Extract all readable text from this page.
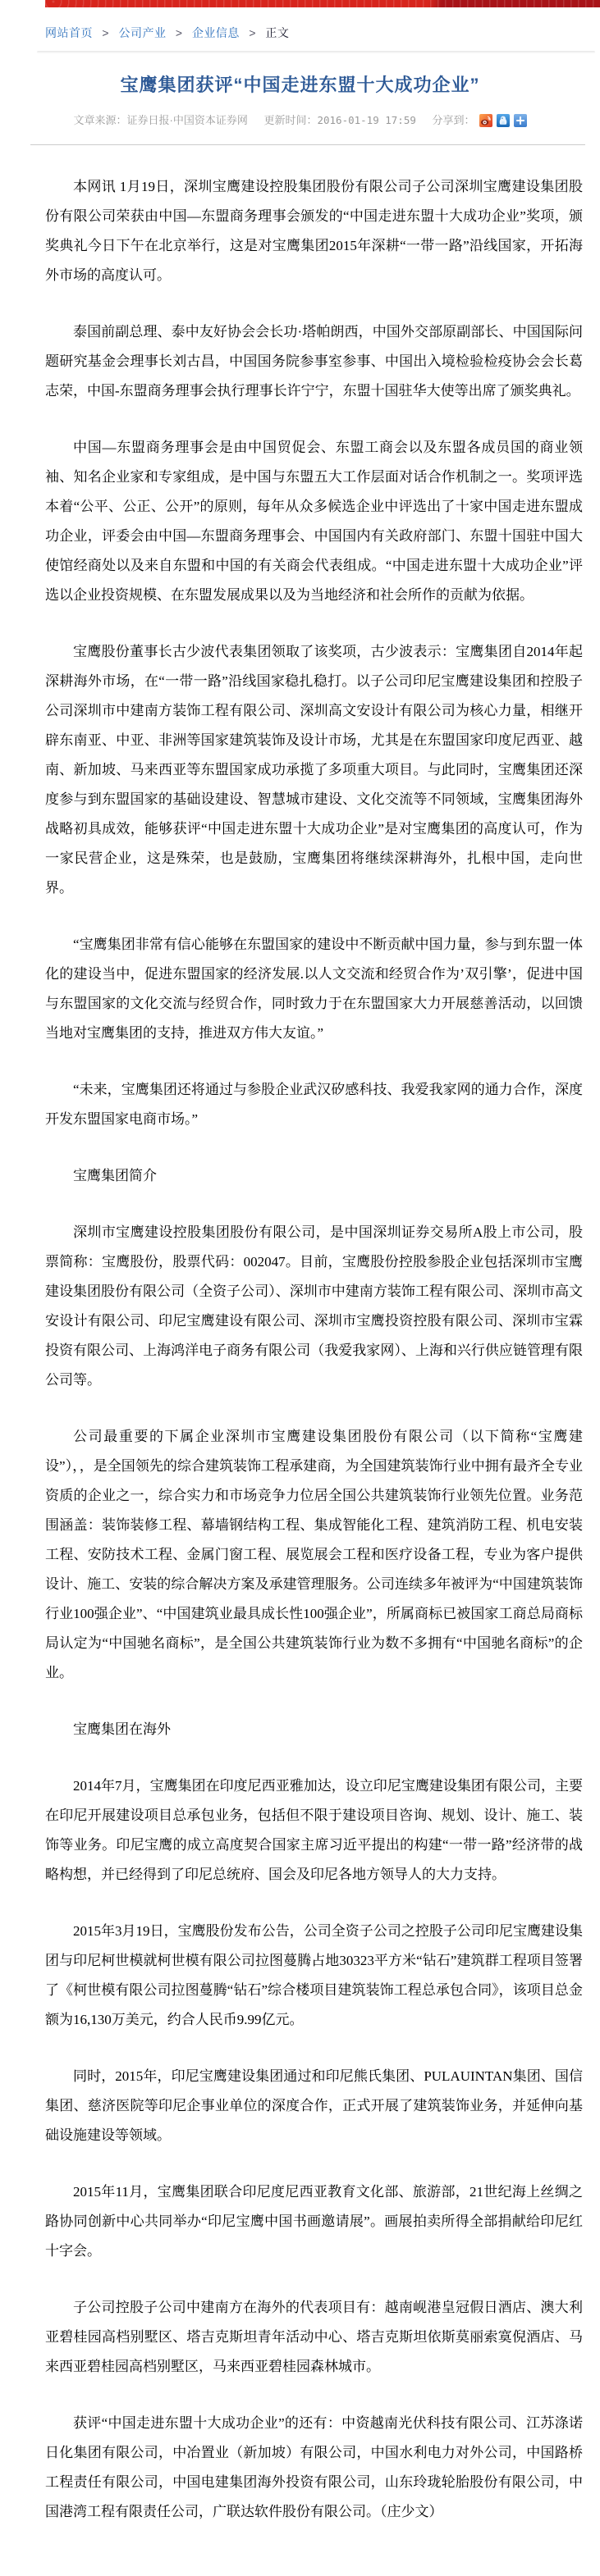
网站首页 > 公司产业 > 企业信息 > 正文
宝鹰集团获评“中国走进东盟十大成功企业”
文章来源：证券日报·中国资本证券网 更新时间：2016-01-19 17:59 分享到：

本网讯 1月19日，深圳宝鹰建设控股集团股份有限公司子公司深圳宝鹰建设集团股份有限公司荣获由中国—东盟商务理事会颁发的“中国走进东盟十大成功企业”奖项，颁奖典礼今日下午在北京举行，这是对宝鹰集团2015年深耕“一带一路”沿线国家，开拓海外市场的高度认可。

泰国前副总理、泰中友好协会会长功·塔帕朗西，中国外交部原副部长、中国国际问题研究基金会理事长刘古昌，中国国务院参事室参事、中国出入境检验检疫协会会长葛志荣，中国-东盟商务理事会执行理事长许宁宁，东盟十国驻华大使等出席了颁奖典礼。

中国—东盟商务理事会是由中国贸促会、东盟工商会以及东盟各成员国的商业领袖、知名企业家和专家组成，是中国与东盟五大工作层面对话合作机制之一。奖项评选本着“公平、公正、公开”的原则，每年从众多候选企业中评选出了十家中国走进东盟成功企业，评委会由中国—东盟商务理事会、中国国内有关政府部门、东盟十国驻中国大使馆经商处以及来自东盟和中国的有关商会代表组成。“中国走进东盟十大成功企业”评选以企业投资规模、在东盟发展成果以及为当地经济和社会所作的贡献为依据。

宝鹰股份董事长古少波代表集团领取了该奖项，古少波表示：宝鹰集团自2014年起深耕海外市场，在“一带一路”沿线国家稳扎稳打。以子公司印尼宝鹰建设集团和控股子公司深圳市中建南方装饰工程有限公司、深圳高文安设计有限公司为核心力量，相继开辟东南亚、中亚、非洲等国家建筑装饰及设计市场，尤其是在东盟国家印度尼西亚、越南、新加坡、马来西亚等东盟国家成功承揽了多项重大项目。与此同时，宝鹰集团还深度参与到东盟国家的基础设建设、智慧城市建设、文化交流等不同领域，宝鹰集团海外战略初具成效，能够获评“中国走进东盟十大成功企业”是对宝鹰集团的高度认可，作为一家民营企业，这是殊荣，也是鼓励，宝鹰集团将继续深耕海外，扎根中国，走向世界。

“宝鹰集团非常有信心能够在东盟国家的建设中不断贡献中国力量，参与到东盟一体化的建设当中，促进东盟国家的经济发展.以人文交流和经贸合作为’双引擎’，促进中国与东盟国家的文化交流与经贸合作，同时致力于在东盟国家大力开展慈善活动，以回馈当地对宝鹰集团的支持，推进双方伟大友谊。”

“未来，宝鹰集团还将通过与参股企业武汉矽感科技、我爱我家网的通力合作，深度开发东盟国家电商市场。”

宝鹰集团简介

深圳市宝鹰建设控股集团股份有限公司，是中国深圳证券交易所A股上市公司，股票简称：宝鹰股份，股票代码：002047。目前，宝鹰股份控股参股企业包括深圳市宝鹰建设集团股份有限公司（全资子公司）、深圳市中建南方装饰工程有限公司、深圳市高文安设计有限公司、印尼宝鹰建设有限公司、深圳市宝鹰投资控股有限公司、深圳市宝霖投资有限公司、上海鸿洋电子商务有限公司（我爱我家网）、上海和兴行供应链管理有限公司等。

公司最重要的下属企业深圳市宝鹰建设集团股份有限公司（以下简称“宝鹰建设”），，是全国领先的综合建筑装饰工程承建商，为全国建筑装饰行业中拥有最齐全专业资质的企业之一，综合实力和市场竞争力位居全国公共建筑装饰行业领先位置。业务范围涵盖：装饰装修工程、幕墙钢结构工程、集成智能化工程、建筑消防工程、机电安装工程、安防技术工程、金属门窗工程、展览展会工程和医疗设备工程，专业为客户提供设计、施工、安装的综合解决方案及承建管理服务。公司连续多年被评为“中国建筑装饰行业100强企业”、“中国建筑业最具成长性100强企业”，所属商标已被国家工商总局商标局认定为“中国驰名商标”，是全国公共建筑装饰行业为数不多拥有“中国驰名商标”的企业。

宝鹰集团在海外

2014年7月，宝鹰集团在印度尼西亚雅加达，设立印尼宝鹰建设集团有限公司，主要在印尼开展建设项目总承包业务，包括但不限于建设项目咨询、规划、设计、施工、装饰等业务。印尼宝鹰的成立高度契合国家主席习近平提出的构建“一带一路”经济带的战略构想，并已经得到了印尼总统府、国会及印尼各地方领导人的大力支持。

2015年3月19日，宝鹰股份发布公告，公司全资子公司之控股子公司印尼宝鹰建设集团与印尼柯世模就柯世模有限公司拉图蔓腾占地30323平方米“钻石”建筑群工程项目签署了《柯世模有限公司拉图蔓腾“钻石”综合楼项目建筑装饰工程总承包合同》，该项目总金额为16,130万美元，约合人民币9.99亿元。

同时，2015年，印尼宝鹰建设集团通过和印尼熊氏集团、PULAUINTAN集团、国信集团、慈济医院等印尼企事业单位的深度合作，正式开展了建筑装饰业务，并延伸向基础设施建设等领域。

2015年11月，宝鹰集团联合印尼度尼西亚教育文化部、旅游部，21世纪海上丝绸之路协同创新中心共同举办“印尼宝鹰中国书画邀请展”。画展拍卖所得全部捐献给印尼红十字会。

子公司控股子公司中建南方在海外的代表项目有：越南岘港皇冠假日酒店、澳大利亚碧桂园高档别墅区、塔吉克斯坦青年活动中心、塔吉克斯坦依斯莫丽索寞倪酒店、马来西亚碧桂园高档别墅区，马来西亚碧桂园森林城市。

获评“中国走进东盟十大成功企业”的还有：中资越南光伏科技有限公司、江苏涤诺日化集团有限公司，中冶置业（新加坡）有限公司，中国水利电力对外公司，中国路桥工程责任有限公司，中国电建集团海外投资有限公司，山东玲珑轮胎股份有限公司，中国港湾工程有限责任公司，广联达软件股份有限公司。（庄少文）
